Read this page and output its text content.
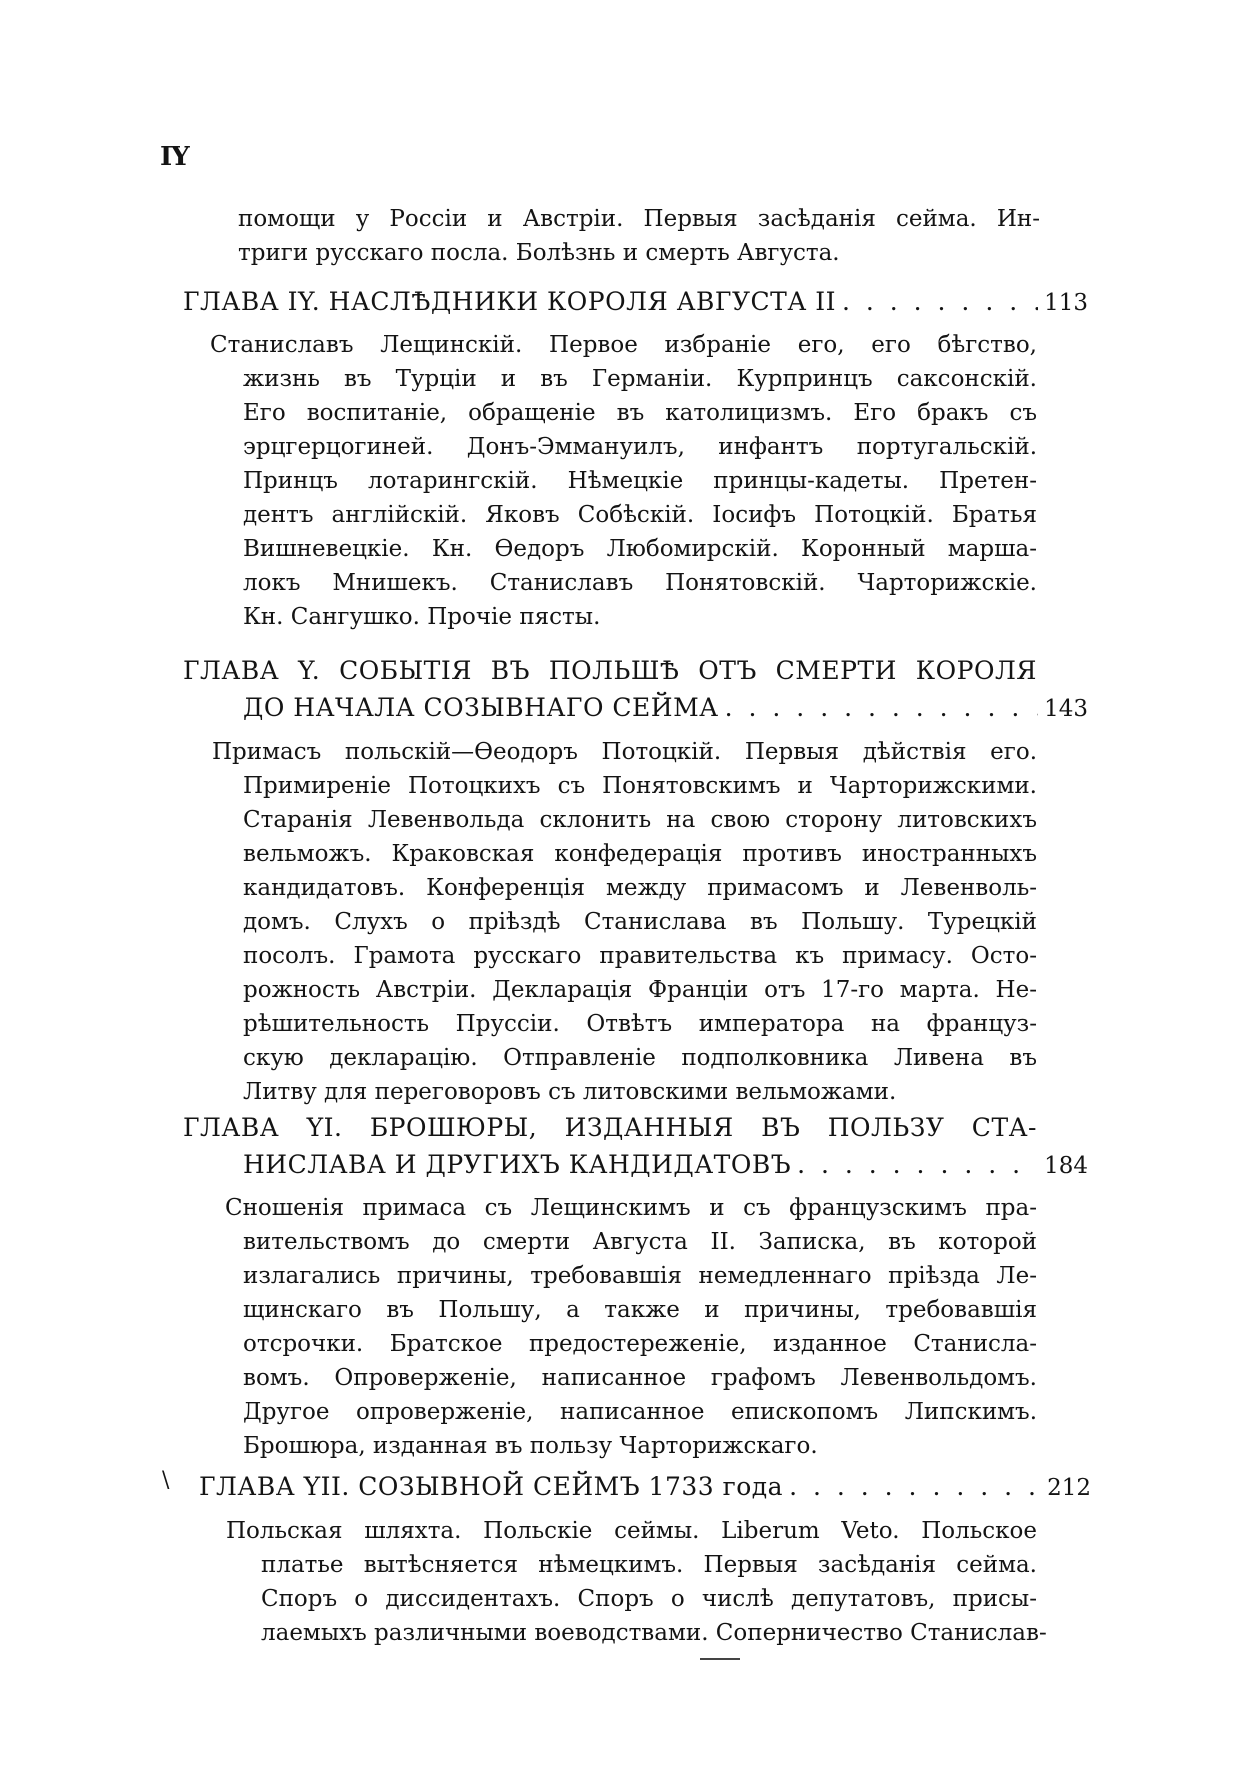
IY
помощи у Россiи и Австрiи. Первыя засѣданiя сейма. Ин-
триги русскаго посла. Болѣзнь и смерть Августа.
ГЛАВА IY. НАСЛѢДНИКИ КОРОЛЯ АВГУСТА II . . .	113
Станиславъ Лещинскiй. Первое избранiе его, его бѣгство,
жизнь въ Турцiи и въ Германiи. Курпринцъ саксонскiй.
Его воспитанiе, обращенiе въ католицизмъ. Его бракъ съ
эрцгерцогиней. Донъ-Эммануилъ, инфантъ португальскiй.
Принцъ лотарингскiй. Нѣмецкiе принцы-кадеты. Претен-
дентъ англiйскiй. Яковъ Собѣскiй. Iосифъ Потоцкiй. Братья
Вишневецкiе. Кн. Ѳедоръ Любомирскiй. Коронный марша-
локъ Мнишекъ. Станиславъ Понятовскiй. Чарторижскiе.
Кн. Сангушко. Прочiе пясты.
ГЛАВА Y. СОБЫТIЯ ВЪ ПОЛЬШѢ ОТЪ СМЕРТИ КОРОЛЯ
ДО НАЧАЛА СОЗЫВНАГО СЕЙМА . . .	143
Примасъ польскiй—Ѳеодоръ Потоцкiй. Первыя дѣйствiя его.
Примиренiе Потоцкихъ съ Понятовскимъ и Чарторижскими.
Старанiя Левенвольда склонить на свою сторону литовскихъ
вельможъ. Краковская конфедерацiя противъ иностранныхъ
кандидатовъ. Конференцiя между примасомъ и Левенволь-
домъ. Слухъ о прiѣздѣ Станислава въ Польшу. Турецкiй
посолъ. Грамота русскаго правительства къ примасу. Осто-
рожность Австрiи. Декларацiя Францiи отъ 17-го марта. Не-
рѣшительность Пруссiи. Отвѣтъ императора на француз-
скую декларацiю. Отправленiе подполковника Ливена въ
Литву для переговоровъ съ литовскими вельможами.
ГЛАВА YI. БРОШЮРЫ, ИЗДАННЫЯ ВЪ ПОЛЬЗУ СТА-
НИСЛАВА И ДРУГИХЪ КАНДИДАТОВЪ . . .	184
Сношенiя примаса съ Лещинскимъ и съ французскимъ пра-
вительствомъ до смерти Августа II. Записка, въ которой
излагались причины, требовавшiя немедленнаго прiѣзда Ле-
щинскаго въ Польшу, а также и причины, требовавшiя
отсрочки. Братское предостереженiе, изданное Станисла-
вомъ. Опроверженiе, написанное графомъ Левенвольдомъ.
Другое опроверженiе, написанное епископомъ Липскимъ.
Брошюра, изданная въ пользу Чарторижскаго.
\ ГЛАВА YII. СОЗЫВНОЙ СЕЙМЪ 1733 года . . .	212
Польская шляхта. Польскiе сеймы. Liberum Veto. Польское
платье вытѣсняется нѣмецкимъ. Первыя засѣданiя сейма.
Споръ о диссидентахъ. Споръ о числѣ депутатовъ, присы-
лаемыхъ различными воеводствами. Соперничество Станислав-
